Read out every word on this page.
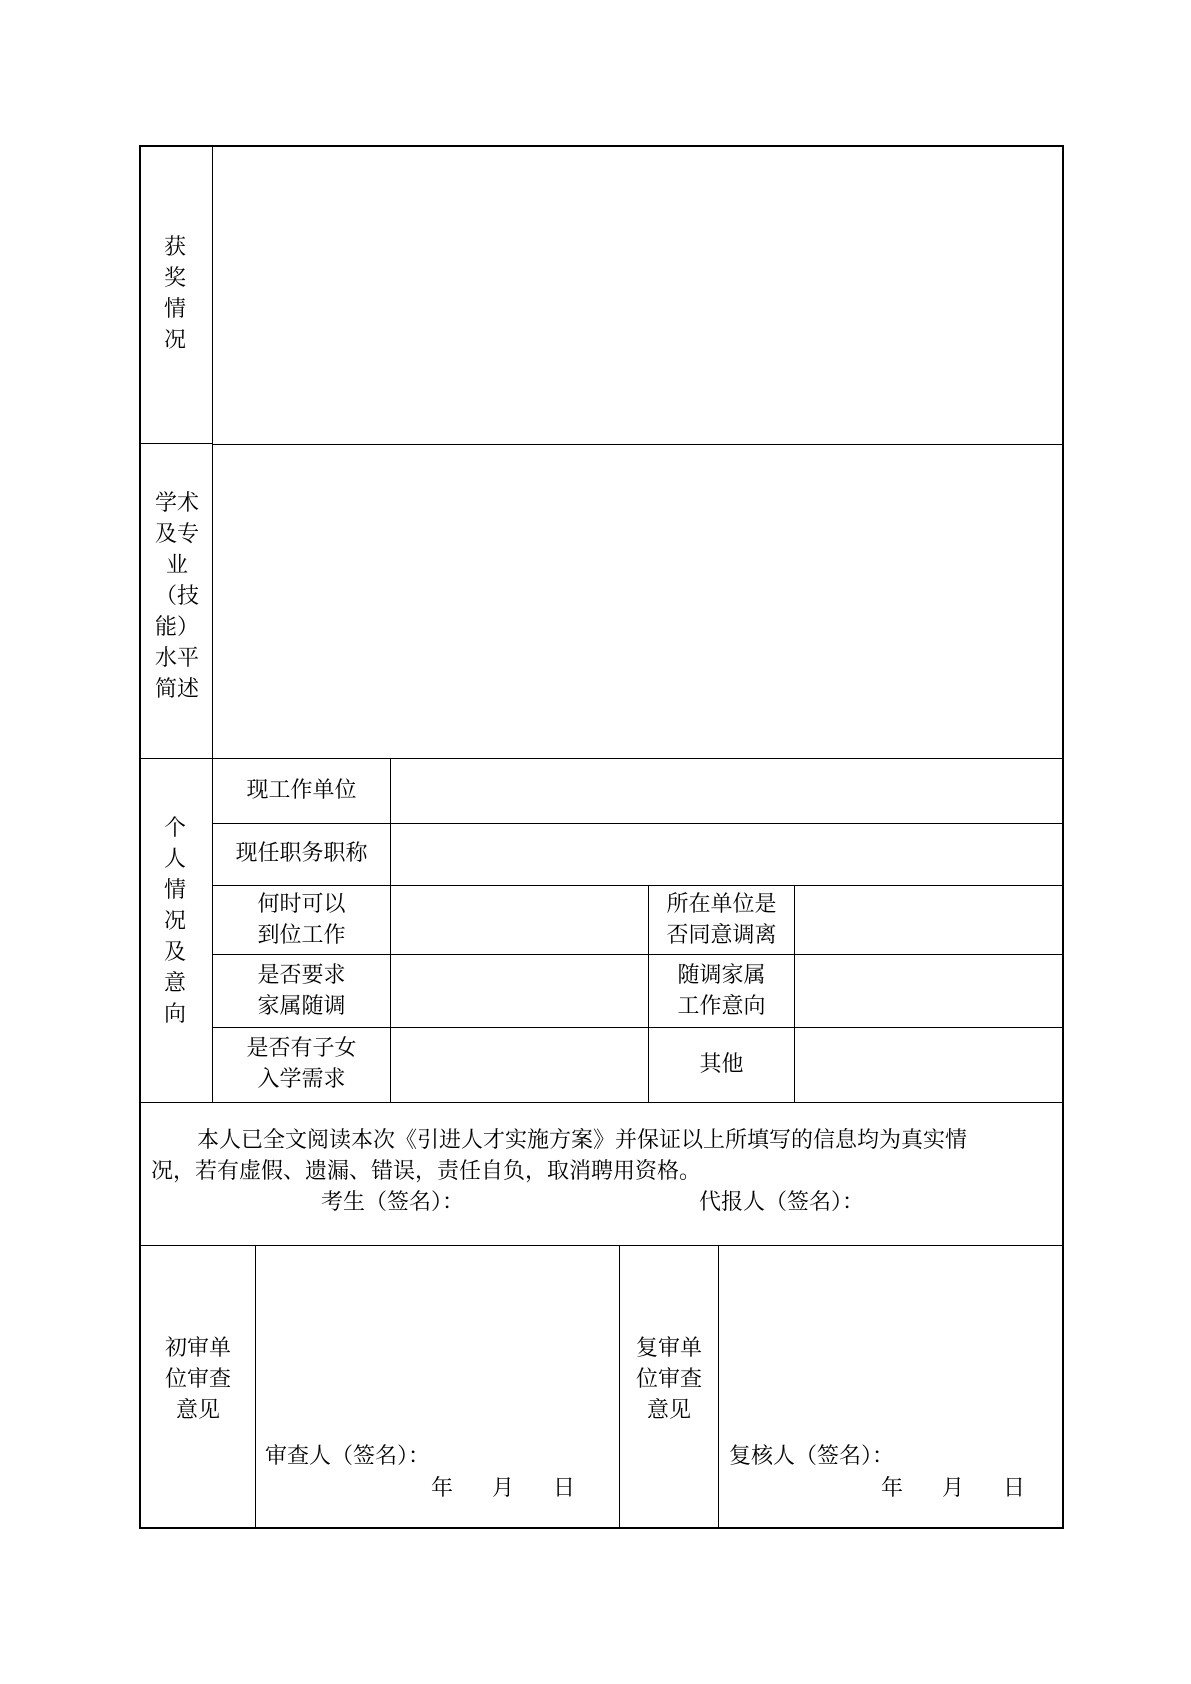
获奖情况
学术
及专
业
（技
能）
水平
简述
个人情况及意向
现工作单位
现任职务职称
何时可以
到位工作
所在单位是
否同意调离
是否要求
家属随调
随调家属
工作意向
是否有子女
入学需求
其他
本人已全文阅读本次《引进人才实施方案》并保证以上所填写的信息均为真实情
况，若有虚假、遗漏、错误，责任自负，取消聘用资格。
考生（签名）：	代报人（签名）：
初审单
位审查
意见
审查人（签名）：
年 月 日
复审单
位审查
意见
复核人（签名）：
年 月 日
